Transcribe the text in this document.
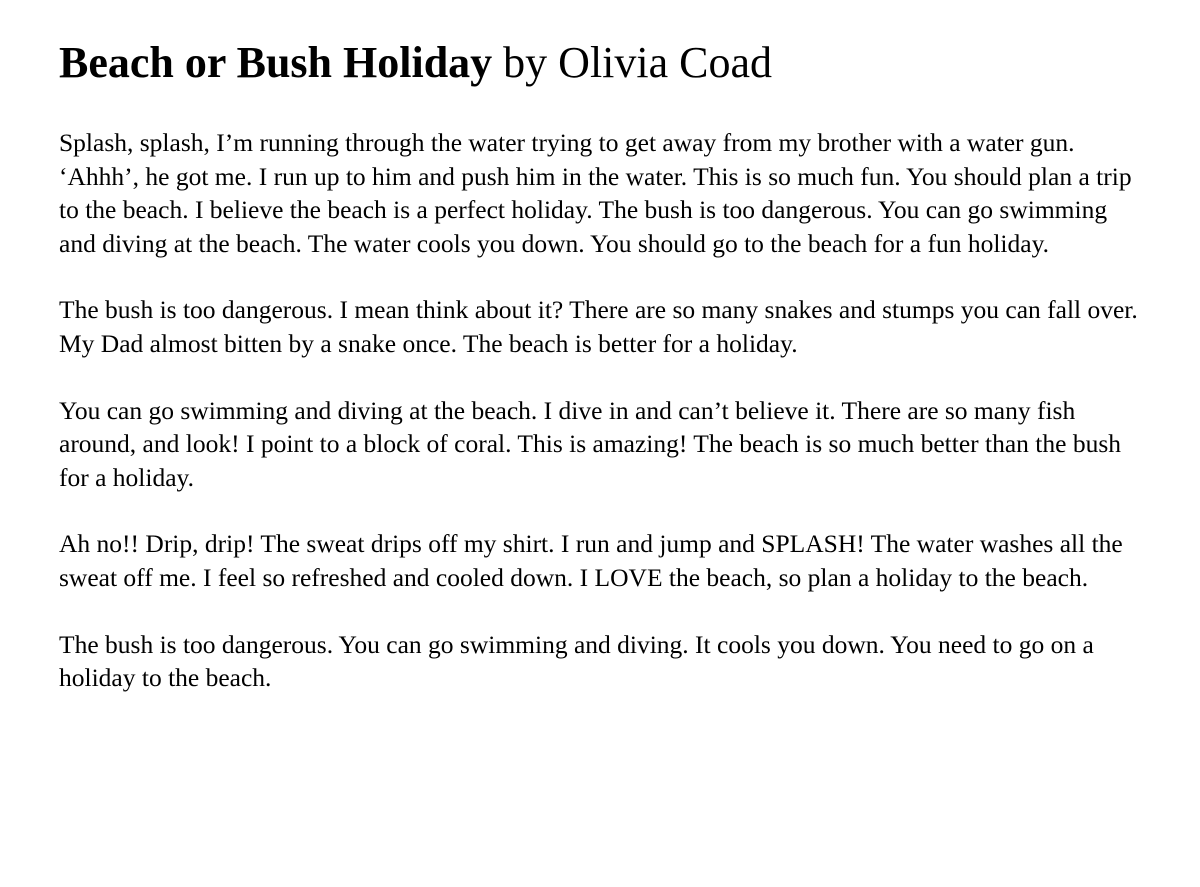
Beach or Bush Holiday by Olivia Coad

Splash, splash, I’m running through the water trying to get away from my brother with a water gun. ‘Ahhh’, he got me. I run up to him and push him in the water. This is so much fun. You should plan a trip to the beach. I believe the beach is a perfect holiday. The bush is too dangerous. You can go swimming and diving at the beach. The water cools you down. You should go to the beach for a fun holiday.

The bush is too dangerous. I mean think about it? There are so many snakes and stumps you can fall over. My Dad almost bitten by a snake once. The beach is better for a holiday.

You can go swimming and diving at the beach. I dive in and can’t believe it. There are so many fish around, and look! I point to a block of coral. This is amazing! The beach is so much better than the bush for a holiday.

Ah no!! Drip, drip! The sweat drips off my shirt. I run and jump and SPLASH! The water washes all the sweat off me. I feel so refreshed and cooled down. I LOVE the beach, so plan a holiday to the beach.

The bush is too dangerous. You can go swimming and diving. It cools you down. You need to go on a holiday to the beach.
